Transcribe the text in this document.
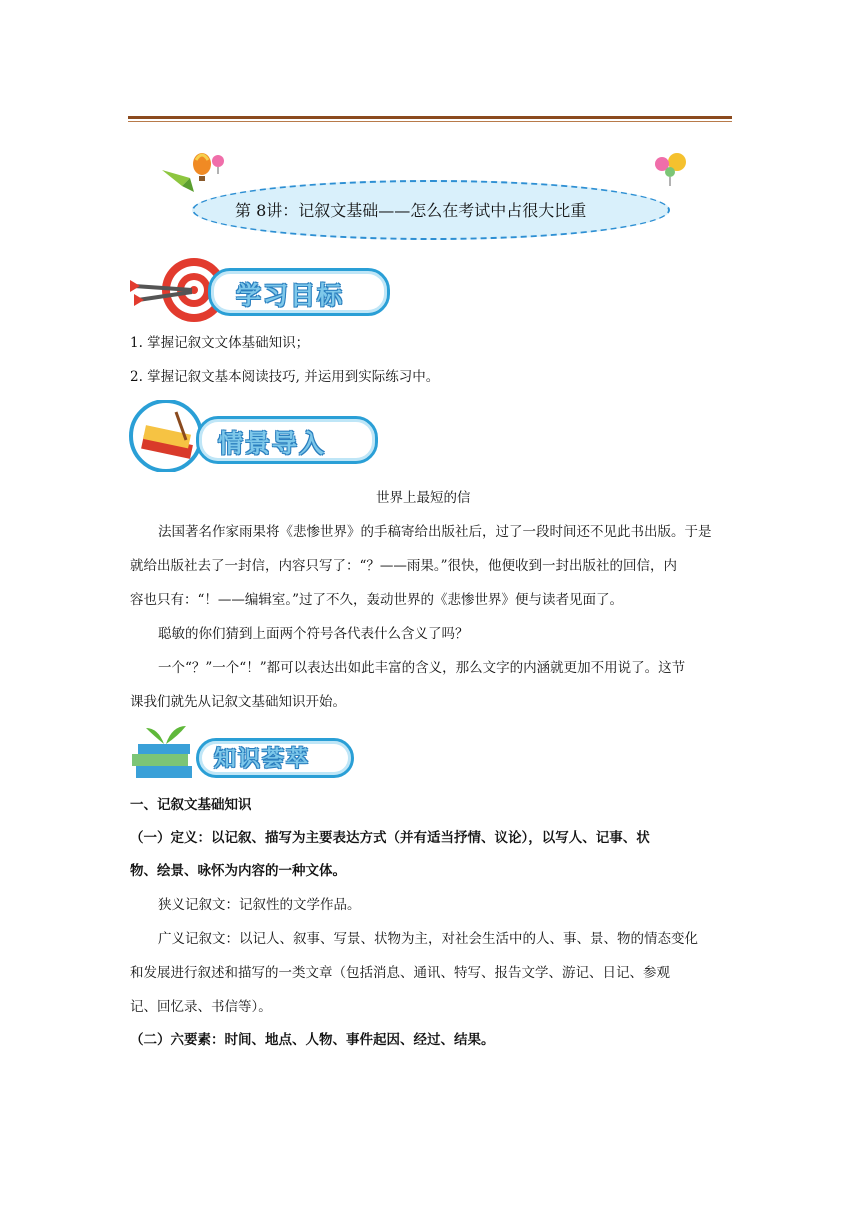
第 8讲：记叙文基础——怎么在考试中占很大比重
学习目标
1. 掌握记叙文文体基础知识；
2. 掌握记叙文基本阅读技巧, 并运用到实际练习中。
情景导入
世界上最短的信
法国著名作家雨果将《悲惨世界》的手稿寄给出版社后，过了一段时间还不见此书出版。于是
就给出版社去了一封信，内容只写了：“？——雨果。”很快，他便收到一封出版社的回信，内
容也只有：“！——编辑室。”过了不久，轰动世界的《悲惨世界》便与读者见面了。
聪敏的你们猜到上面两个符号各代表什么含义了吗？
一个“？”一个“！”都可以表达出如此丰富的含义，那么文字的内涵就更加不用说了。这节
课我们就先从记叙文基础知识开始。
知识荟萃
一、记叙文基础知识
（一）定义：以记叙、描写为主要表达方式（并有适当抒情、议论），以写人、记事、状
物、绘景、咏怀为内容的一种文体。
狭义记叙文：记叙性的文学作品。
广义记叙文：以记人、叙事、写景、状物为主，对社会生活中的人、事、景、物的情态变化
和发展进行叙述和描写的一类文章（包括消息、通讯、特写、报告文学、游记、日记、参观
记、回忆录、书信等）。
（二）六要素：时间、地点、人物、事件起因、经过、结果。
